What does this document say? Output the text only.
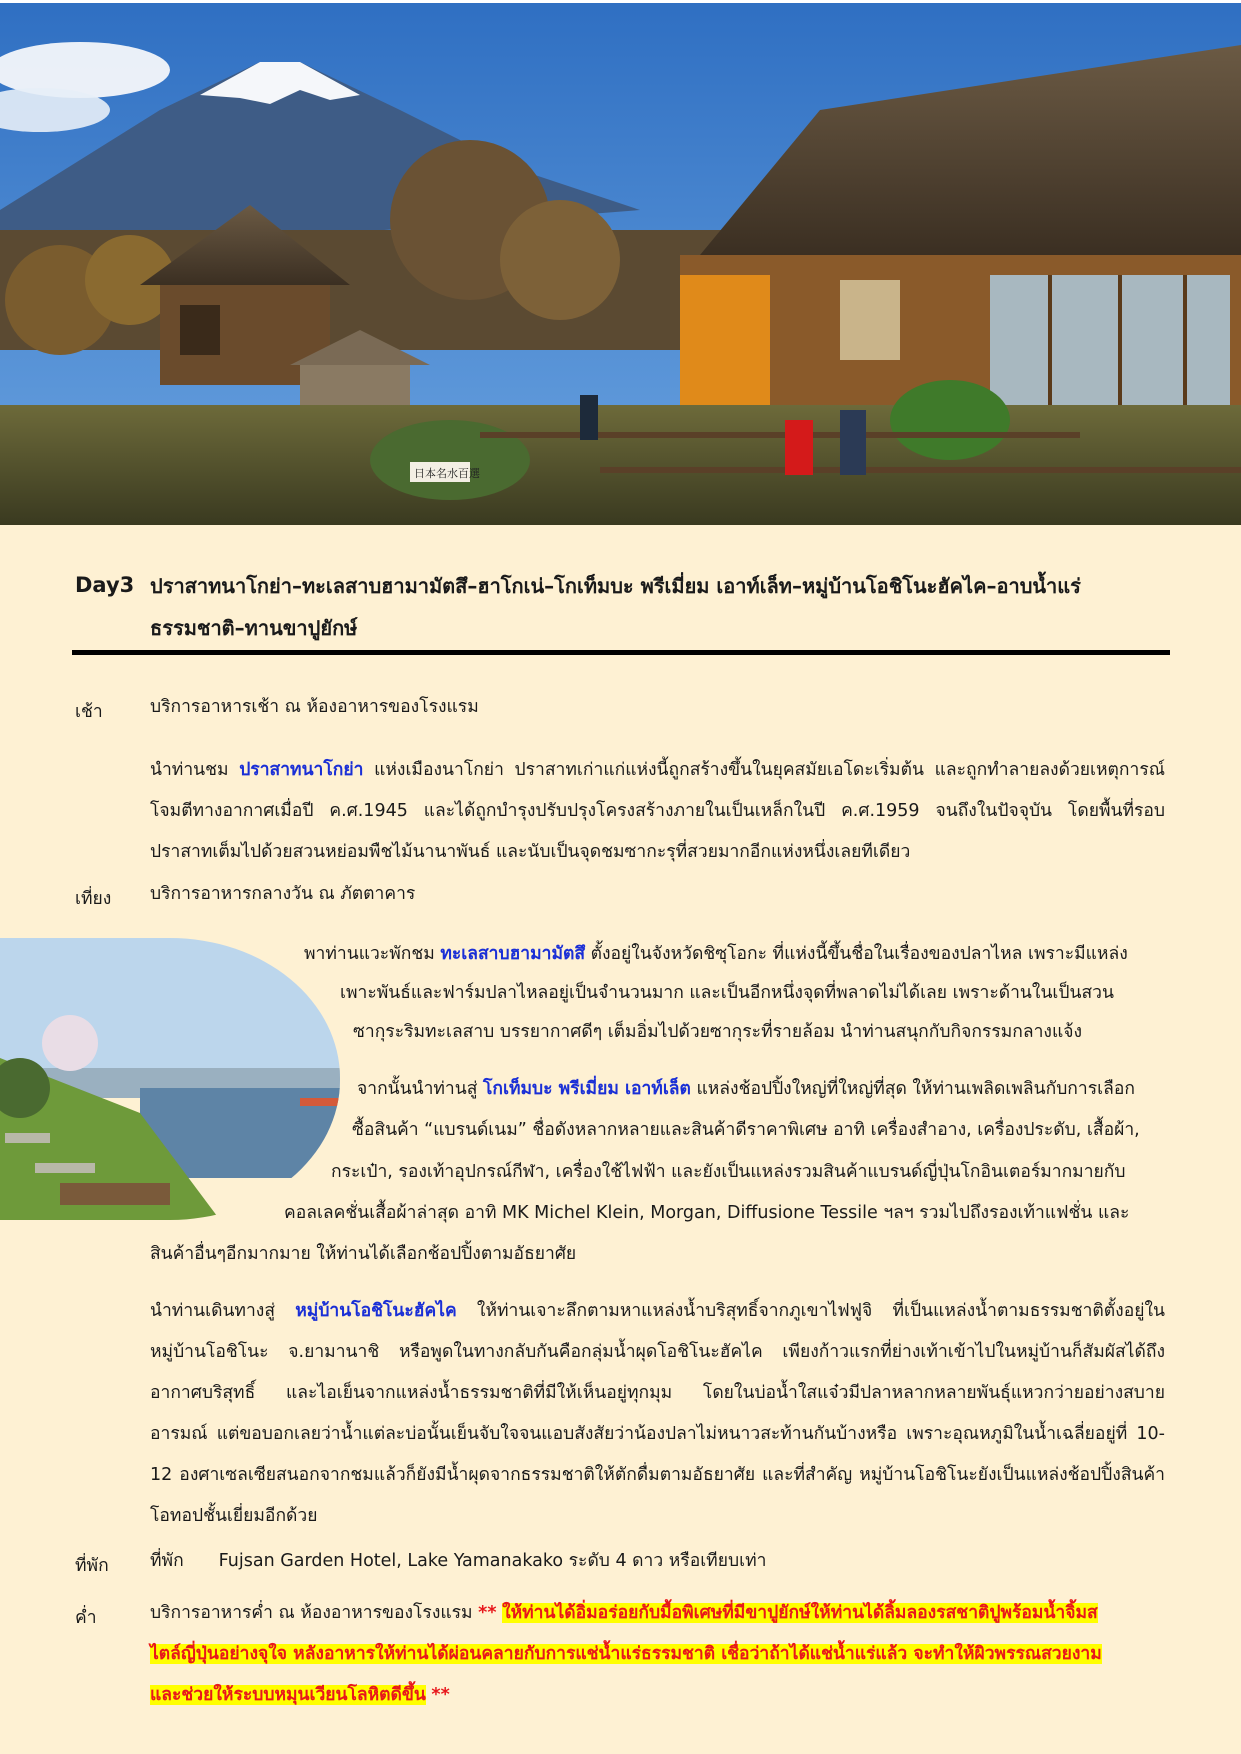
日本名水百選
Day3 ปราสาทนาโกย่า–ทะเลสาบฮามามัตสึ–ฮาโกเน่–โกเท็มบะ พรีเมี่ยม เอาท์เล็ท–หมู่บ้านโอชิโนะฮัคไค–อาบน้ำแร่ธรรมชาติ–ทานขาปูยักษ์
เช้า	บริการอาหารเช้า ณ ห้องอาหารของโรงแรม
นำท่านชม ปราสาทนาโกย่า แห่งเมืองนาโกย่า ปราสาทเก่าแก่แห่งนี้ถูกสร้างขึ้นในยุคสมัยเอโดะเริ่มต้น และถูกทำลายลงด้วยเหตุการณ์โจมตีทางอากาศเมื่อปี ค.ศ.1945 และได้ถูกบำรุงปรับปรุงโครงสร้างภายในเป็นเหล็กในปี ค.ศ.1959 จนถึงในปัจจุบัน โดยพื้นที่รอบปราสาทเต็มไปด้วยสวนหย่อมพืชไม้นานาพันธ์ และนับเป็นจุดชมซากะรุที่สวยมากอีกแห่งหนึ่งเลยทีเดียว
เที่ยง บริการอาหารกลางวัน ณ ภัตตาคาร
พาท่านแวะพักชม ทะเลสาบฮามามัตสึ ตั้งอยู่ในจังหวัดชิซุโอกะ ที่แห่งนี้ขึ้นชื่อในเรื่องของปลาไหล เพราะมีแหล่ง
เพาะพันธ์และฟาร์มปลาไหลอยู่เป็นจำนวนมาก และเป็นอีกหนึ่งจุดที่พลาดไม่ได้เลย เพราะด้านในเป็นสวน
ซากุระริมทะเลสาบ บรรยากาศดีๆ เต็มอิ่มไปด้วยซากุระที่รายล้อม นำท่านสนุกกับกิจกรรมกลางแจ้ง
จากนั้นนำท่านสู่ โกเท็มบะ พรีเมี่ยม เอาท์เล็ต แหล่งช้อปปิ้งใหญ่ที่ใหญ่ที่สุด ให้ท่านเพลิดเพลินกับการเลือก
ซื้อสินค้า “แบรนด์เนม” ชื่อดังหลากหลายและสินค้าดีราคาพิเศษ อาทิ เครื่องสำอาง, เครื่องประดับ, เสื้อผ้า,
กระเป๋า, รองเท้าอุปกรณ์กีฬา, เครื่องใช้ไฟฟ้า และยังเป็นแหล่งรวมสินค้าแบรนด์ญี่ปุ่นโกอินเตอร์มากมายกับ
คอลเลคชั่นเสื้อผ้าล่าสุด อาทิ MK Michel Klein, Morgan, Diffusione Tessile ฯลฯ รวมไปถึงรองเท้าแฟชั่น และ
สินค้าอื่นๆอีกมากมาย ให้ท่านได้เลือกช้อปปิ้งตามอัธยาศัย
นำท่านเดินทางสู่ หมู่บ้านโอชิโนะฮัคไค ให้ท่านเจาะลึกตามหาแหล่งน้ำบริสุทธิ์จากภูเขาไฟฟูจิ ที่เป็นแหล่งน้ำตามธรรมชาติตั้งอยู่ในหมู่บ้านโอชิโนะ จ.ยามานาชิ หรือพูดในทางกลับกันคือกลุ่มน้ำผุดโอชิโนะฮัคไค เพียงก้าวแรกที่ย่างเท้าเข้าไปในหมู่บ้านก็สัมผัสได้ถึงอากาศบริสุทธิ์ และไอเย็นจากแหล่งน้ำธรรมชาติที่มีให้เห็นอยู่ทุกมุม โดยในบ่อน้ำใสแจ๋วมีปลาหลากหลายพันธุ์แหวกว่ายอย่างสบายอารมณ์ แต่ขอบอกเลยว่าน้ำแต่ละบ่อนั้นเย็นจับใจจนแอบสังสัยว่าน้องปลาไม่หนาวสะท้านกันบ้างหรือ เพราะอุณหภูมิในน้ำเฉลี่ยอยู่ที่ 10-12 องศาเซลเซียสนอกจากชมแล้วก็ยังมีน้ำผุดจากธรรมชาติให้ตักดื่มตามอัธยาศัย และที่สำคัญ หมู่บ้านโอชิโนะยังเป็นแหล่งช้อปปิ้งสินค้าโอทอปชั้นเยี่ยมอีกด้วย
ที่พัก ที่พัก Fujsan Garden Hotel, Lake Yamanakako ระดับ 4 ดาว หรือเทียบเท่า
ค่ำ	บริการอาหารค่ำ ณ ห้องอาหารของโรงแรม ** ให้ท่านได้อิ่มอร่อยกับมื้อพิเศษที่มีขาปูยักษ์ให้ท่านได้ลิ้มลองรสชาติปูพร้อมน้ำจิ้มส
ไตล์ญี่ปุ่นอย่างจุใจ หลังอาหารให้ท่านได้ผ่อนคลายกับการแช่น้ำแร่ธรรมชาติ เชื่อว่าถ้าได้แช่น้ำแร่แล้ว จะทำให้ผิวพรรณสวยงาม
และช่วยให้ระบบหมุนเวียนโลหิตดีขึ้น **
